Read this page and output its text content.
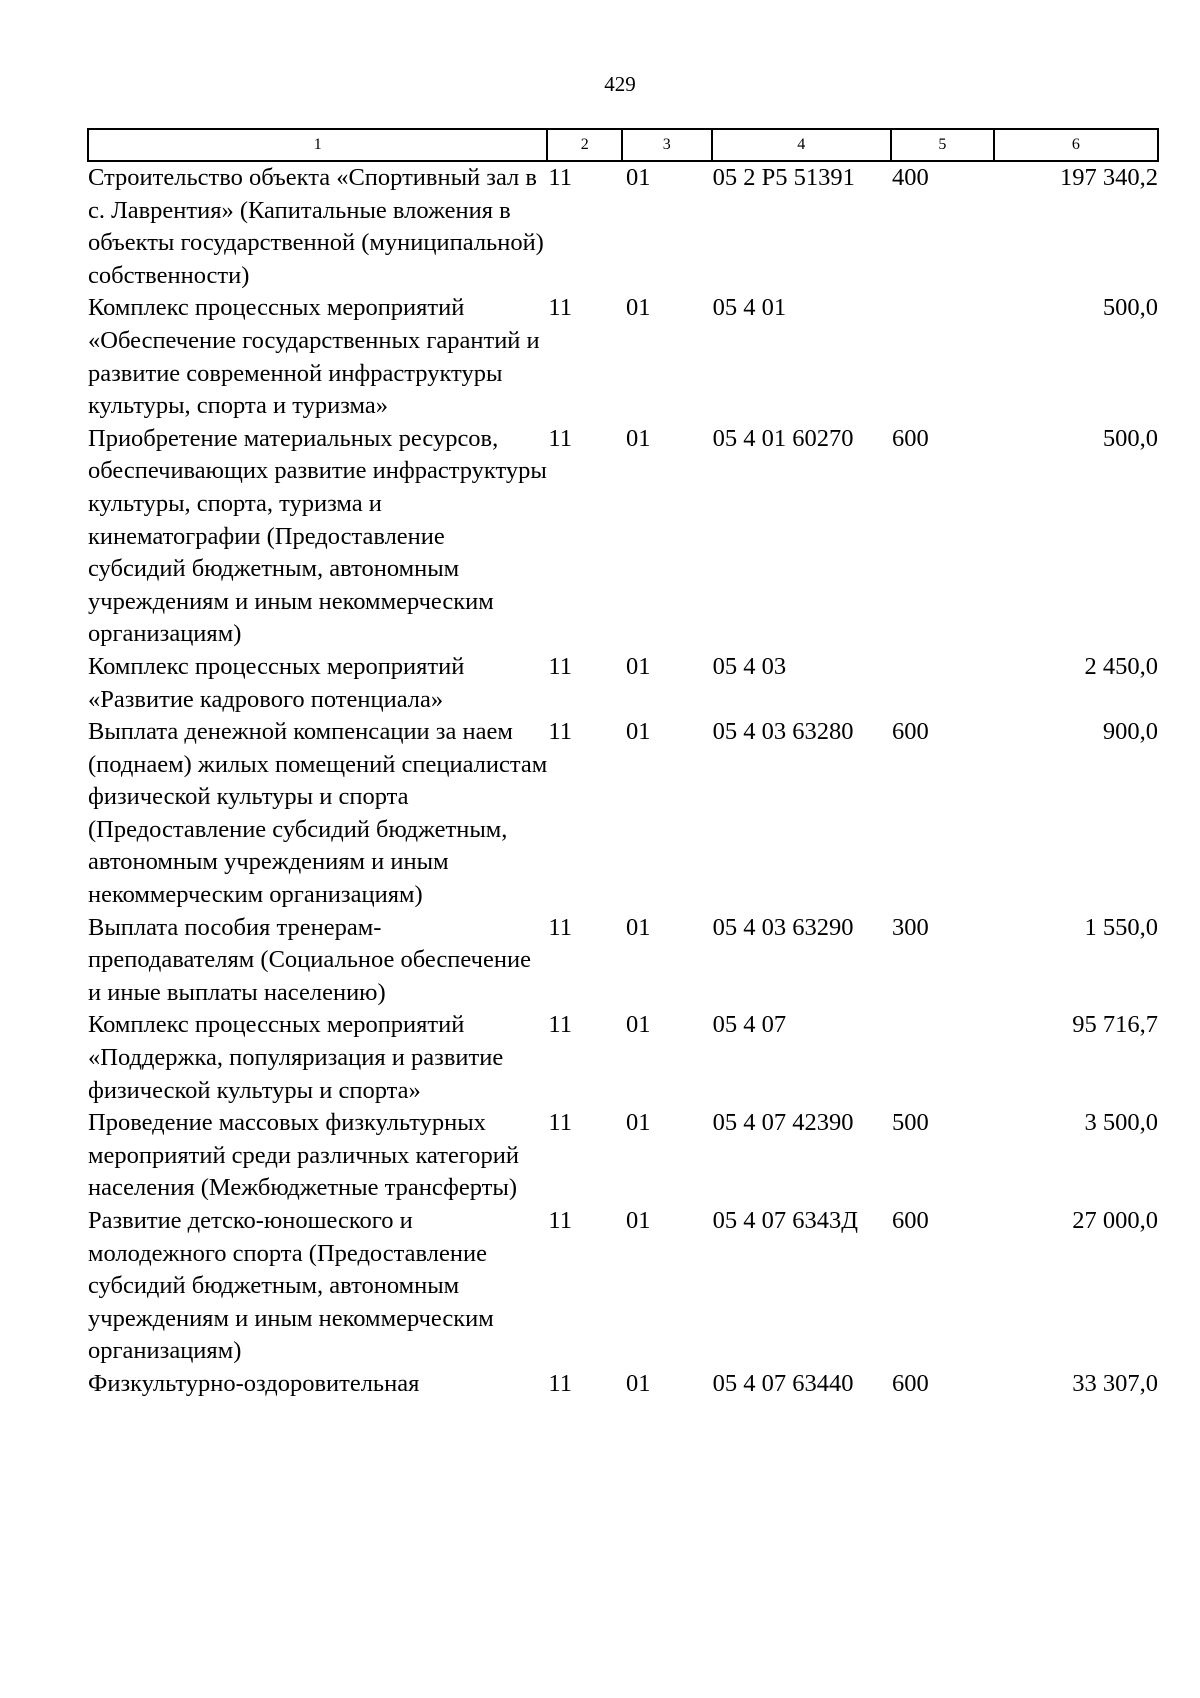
429
1	2	3	4	5	6
Строительство объекта «Спортивный зал в с. Лаврентия» (Капитальные вложения в объекты государственной (муниципальной) собственности)	11	01	05 2 Р5 51391	400	197 340,2
Комплекс процессных мероприятий «Обеспечение государственных гарантий и развитие современной инфраструктуры культуры, спорта и туризма»	11	01	05 4 01		500,0
Приобретение материальных ресурсов, обеспечивающих развитие инфраструктуры культуры, спорта, туризма и кинематографии (Предоставление субсидий бюджетным, автономным учреждениям и иным некоммерческим организациям)	11	01	05 4 01 60270	600	500,0
Комплекс процессных мероприятий «Развитие кадрового потенциала»	11	01	05 4 03		2 450,0
Выплата денежной компенсации за наем (поднаем) жилых помещений специалистам физической культуры и спорта (Предоставление субсидий бюджетным, автономным учреждениям и иным некоммерческим организациям)	11	01	05 4 03 63280	600	900,0
Выплата пособия тренерам-преподавателям (Социальное обеспечение и иные выплаты населению)	11	01	05 4 03 63290	300	1 550,0
Комплекс процессных мероприятий «Поддержка, популяризация и развитие физической культуры и спорта»	11	01	05 4 07		95 716,7
Проведение массовых физкультурных мероприятий среди различных категорий населения (Межбюджетные трансферты)	11	01	05 4 07 42390	500	3 500,0
Развитие детско-юношеского и молодежного спорта (Предоставление субсидий бюджетным, автономным учреждениям и иным некоммерческим организациям)	11	01	05 4 07 6343Д	600	27 000,0
Физкультурно-оздоровительная	11	01	05 4 07 63440	600	33 307,0
